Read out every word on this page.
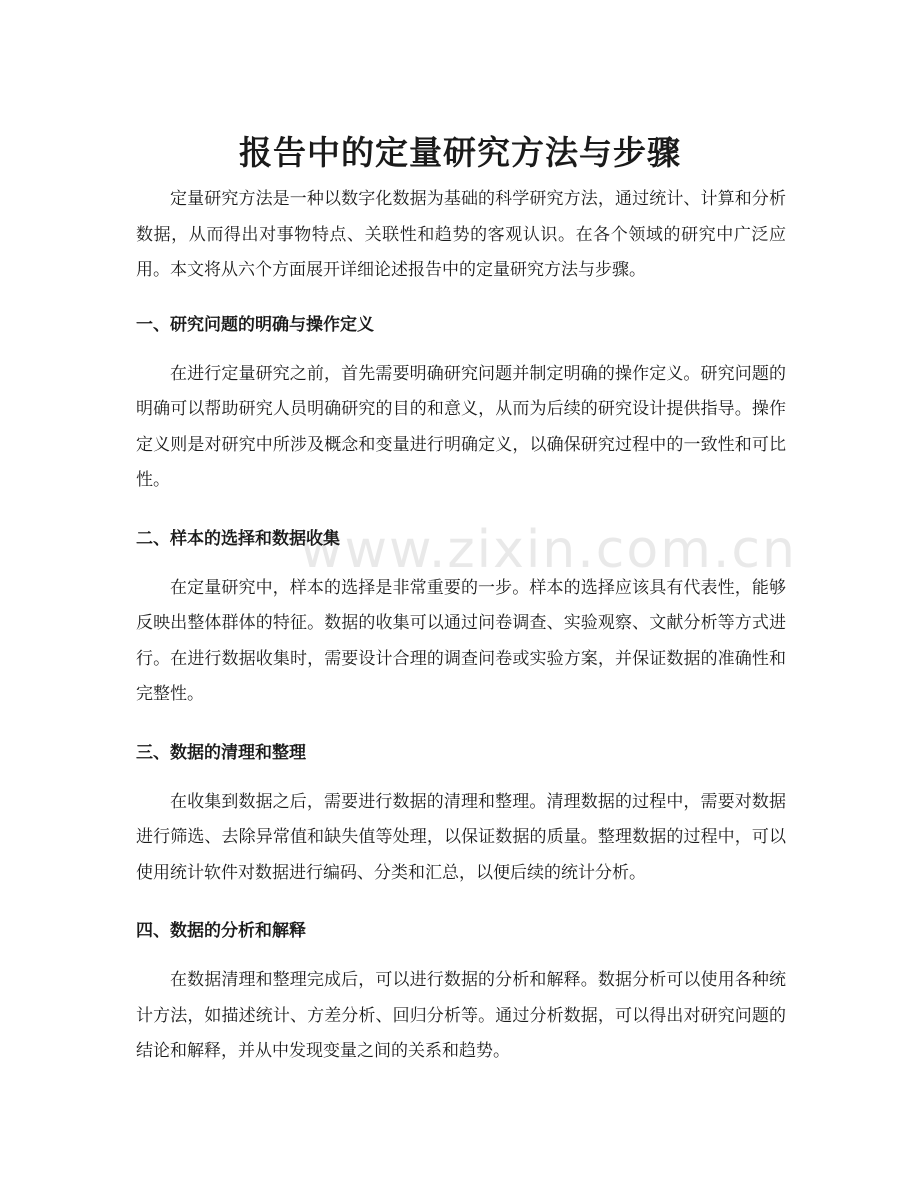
www.zixin.com.cn
报告中的定量研究方法与步骤

定量研究方法是一种以数字化数据为基础的科学研究方法，通过统计、计算和分析数据，从而得出对事物特点、关联性和趋势的客观认识。在各个领域的研究中广泛应用。本文将从六个方面展开详细论述报告中的定量研究方法与步骤。

一、研究问题的明确与操作定义

在进行定量研究之前，首先需要明确研究问题并制定明确的操作定义。研究问题的明确可以帮助研究人员明确研究的目的和意义，从而为后续的研究设计提供指导。操作定义则是对研究中所涉及概念和变量进行明确定义，以确保研究过程中的一致性和可比性。

二、样本的选择和数据收集

在定量研究中，样本的选择是非常重要的一步。样本的选择应该具有代表性，能够反映出整体群体的特征。数据的收集可以通过问卷调查、实验观察、文献分析等方式进行。在进行数据收集时，需要设计合理的调查问卷或实验方案，并保证数据的准确性和完整性。

三、数据的清理和整理

在收集到数据之后，需要进行数据的清理和整理。清理数据的过程中，需要对数据进行筛选、去除异常值和缺失值等处理，以保证数据的质量。整理数据的过程中，可以使用统计软件对数据进行编码、分类和汇总，以便后续的统计分析。

四、数据的分析和解释

在数据清理和整理完成后，可以进行数据的分析和解释。数据分析可以使用各种统计方法，如描述统计、方差分析、回归分析等。通过分析数据，可以得出对研究问题的结论和解释，并从中发现变量之间的关系和趋势。
